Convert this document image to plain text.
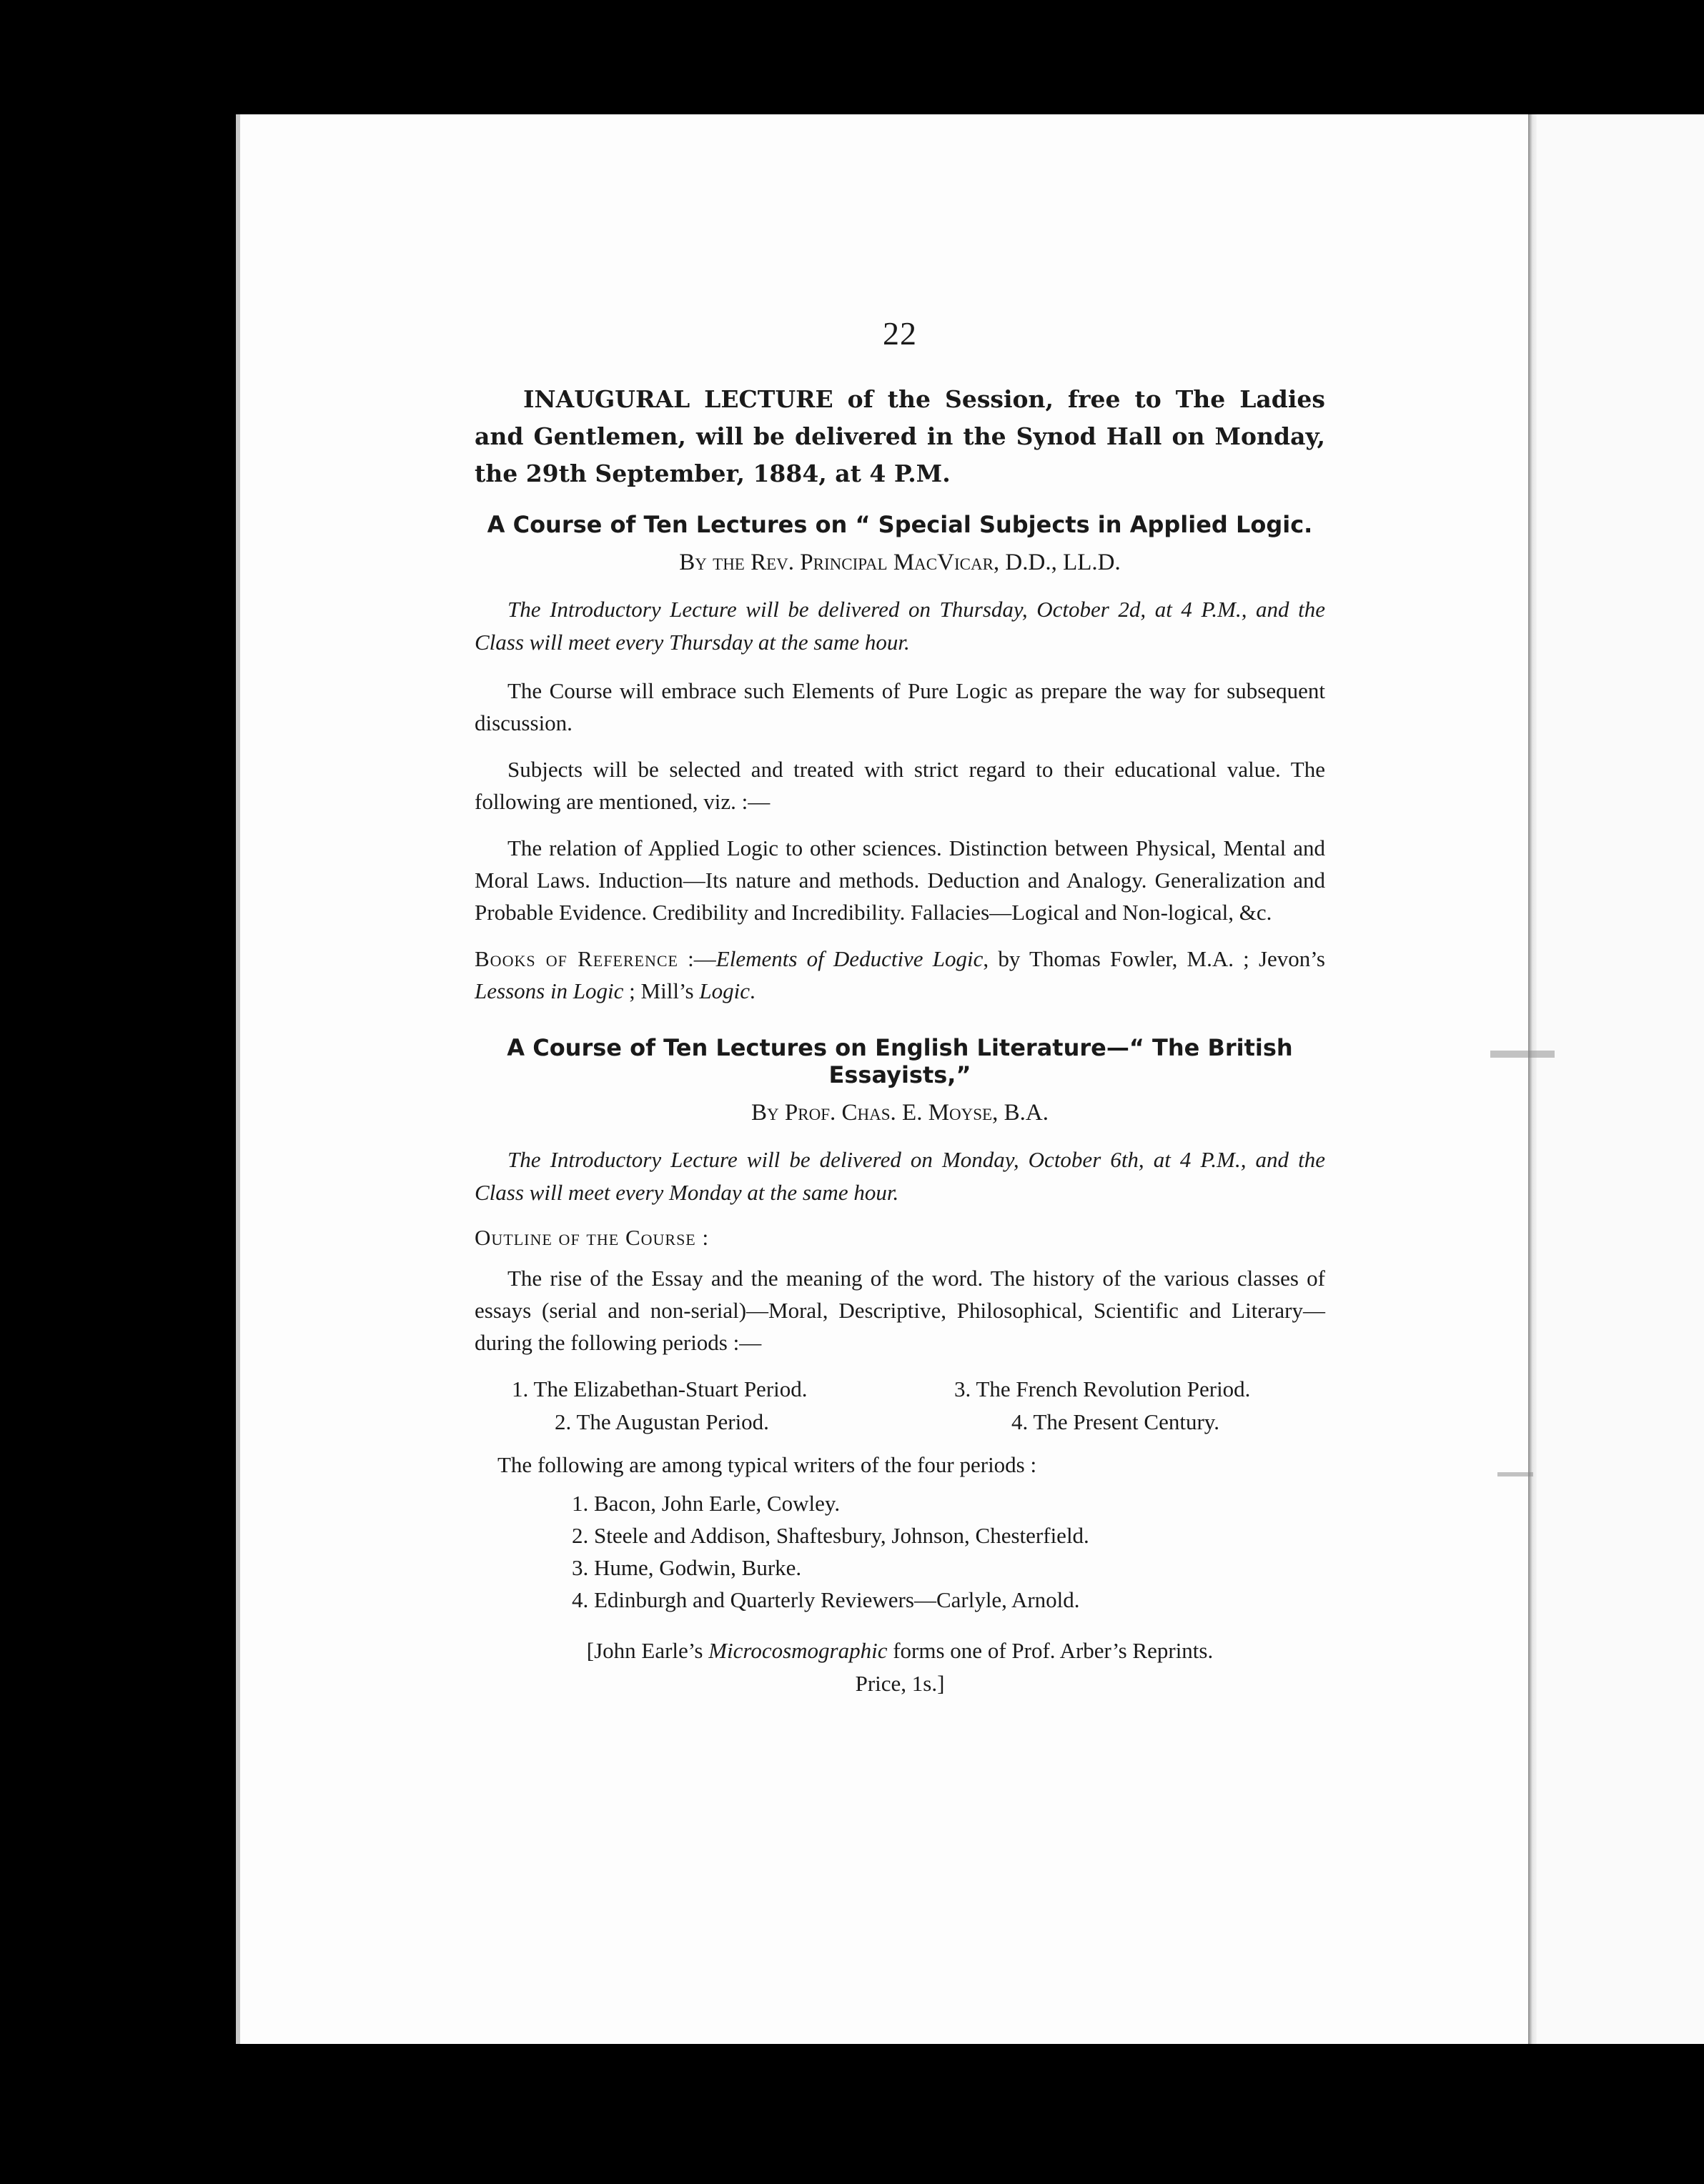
22

INAUGURAL LECTURE of the Session, free to The Ladies and Gentlemen, will be delivered in the Synod Hall on Monday, the 29th September, 1884, at 4 P.M.

A Course of Ten Lectures on “ Special Subjects in Applied Logic.
By the Rev. Principal MacVicar, D.D., LL.D.

The Introductory Lecture will be delivered on Thursday, October 2d, at 4 P.M., and the Class will meet every Thursday at the same hour.

The Course will embrace such Elements of Pure Logic as prepare the way for subsequent discussion.

Subjects will be selected and treated with strict regard to their educational value. The following are mentioned, viz. :—

The relation of Applied Logic to other sciences. Distinction between Physical, Mental and Moral Laws. Induction—Its nature and methods. Deduction and Analogy. Generalization and Probable Evidence. Credibility and Incredibility. Fallacies—Logical and Non-logical, &c.

Books of Reference :—Elements of Deductive Logic, by Thomas Fowler, M.A. ; Jevon’s Lessons in Logic ; Mill’s Logic.

A Course of Ten Lectures on English Literature—“ The British Essayists,”
By Prof. Chas. E. Moyse, B.A.

The Introductory Lecture will be delivered on Monday, October 6th, at 4 P.M., and the Class will meet every Monday at the same hour.

Outline of the Course :

The rise of the Essay and the meaning of the word. The history of the various classes of essays (serial and non-serial)—Moral, Descriptive, Philosophical, Scientific and Literary—during the following periods :—

1. The Elizabethan-Stuart Period.	3. The French Revolution Period.
2. The Augustan Period.	4. The Present Century.

The following are among typical writers of the four periods :

1. Bacon, John Earle, Cowley.
2. Steele and Addison, Shaftesbury, Johnson, Chesterfield.
3. Hume, Godwin, Burke.
4. Edinburgh and Quarterly Reviewers—Carlyle, Arnold.
[John Earle’s Microcosmographic forms one of Prof. Arber’s Reprints.
Price, 1s.]
